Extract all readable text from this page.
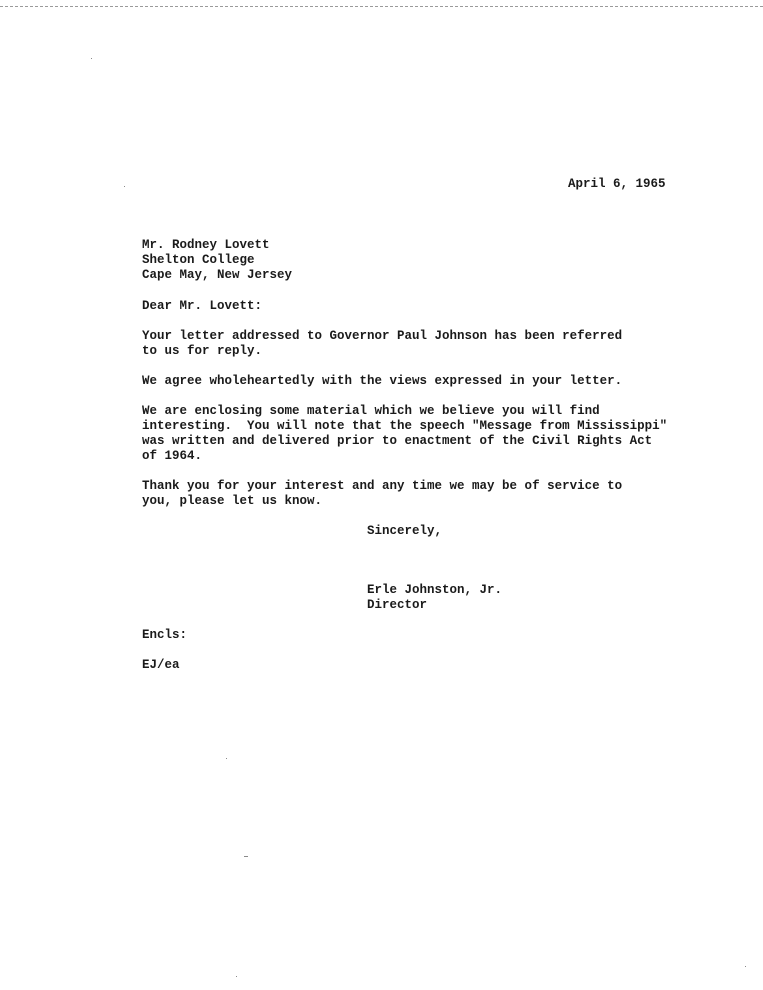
April 6, 1965
Mr. Rodney Lovett
Shelton College
Cape May, New Jersey
Dear Mr. Lovett:
Your letter addressed to Governor Paul Johnson has been referred
to us for reply.
We agree wholeheartedly with the views expressed in your letter.
We are enclosing some material which we believe you will find
interesting.  You will note that the speech "Message from Mississippi"
was written and delivered prior to enactment of the Civil Rights Act
of 1964.
Thank you for your interest and any time we may be of service to
you, please let us know.
Sincerely,
Erle Johnston, Jr.
Director
Encls:
EJ/ea
